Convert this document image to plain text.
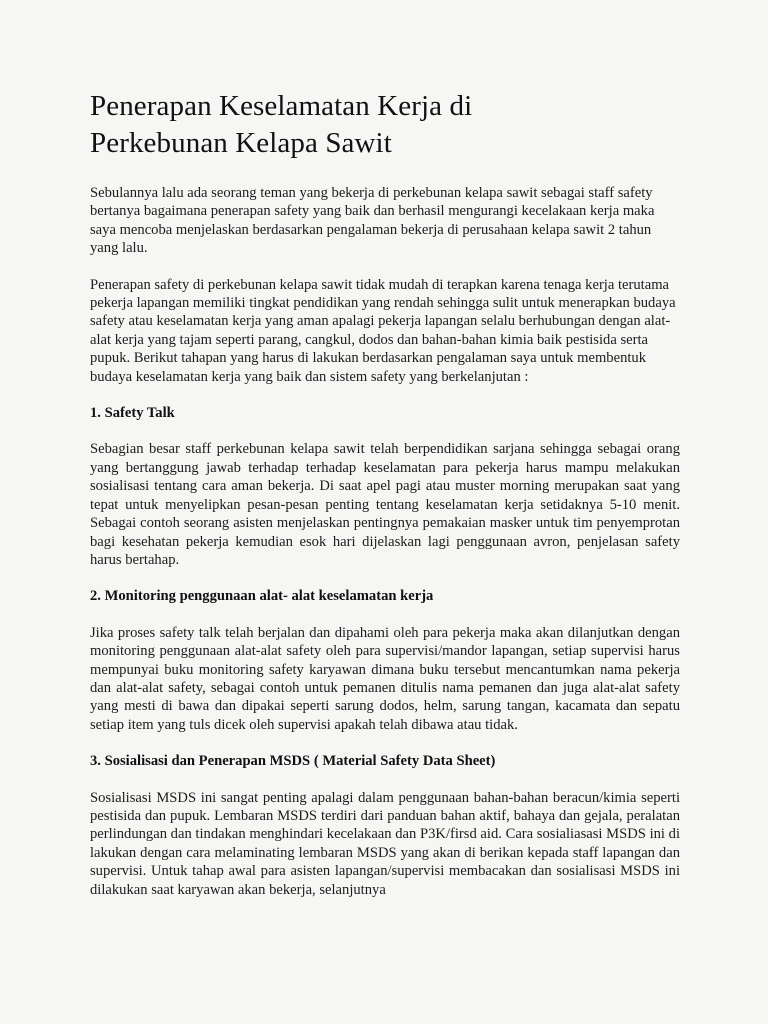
Penerapan Keselamatan Kerja di
Perkebunan Kelapa Sawit

Sebulannya lalu ada seorang teman yang bekerja di perkebunan kelapa sawit sebagai staff safety bertanya bagaimana penerapan safety yang baik dan berhasil mengurangi kecelakaan kerja maka saya mencoba menjelaskan berdasarkan pengalaman bekerja di perusahaan kelapa sawit 2 tahun yang lalu.

Penerapan safety di perkebunan kelapa sawit tidak mudah di terapkan karena tenaga kerja terutama pekerja lapangan memiliki tingkat pendidikan yang rendah sehingga sulit untuk menerapkan budaya safety atau keselamatan kerja yang aman apalagi pekerja lapangan selalu berhubungan dengan alat-alat kerja yang tajam seperti parang, cangkul, dodos dan bahan-bahan kimia baik pestisida serta pupuk. Berikut tahapan yang harus di lakukan berdasarkan pengalaman saya untuk membentuk budaya keselamatan kerja yang baik dan sistem safety yang berkelanjutan :

1. Safety Talk

Sebagian besar staff perkebunan kelapa sawit telah berpendidikan sarjana sehingga sebagai orang yang bertanggung jawab terhadap terhadap keselamatan para pekerja harus mampu melakukan sosialisasi tentang cara aman bekerja. Di saat apel pagi atau muster morning merupakan saat yang tepat untuk menyelipkan pesan-pesan penting tentang keselamatan kerja setidaknya 5-10 menit. Sebagai contoh seorang asisten menjelaskan pentingnya pemakaian masker untuk tim penyemprotan bagi kesehatan pekerja kemudian esok hari dijelaskan lagi penggunaan avron, penjelasan safety harus bertahap.

2. Monitoring penggunaan alat- alat keselamatan kerja

Jika proses safety talk telah berjalan dan dipahami oleh para pekerja maka akan dilanjutkan dengan monitoring penggunaan alat-alat safety oleh para supervisi/mandor lapangan, setiap supervisi harus mempunyai buku monitoring safety karyawan dimana buku tersebut mencantumkan nama pekerja dan alat-alat safety, sebagai contoh untuk pemanen ditulis nama pemanen dan juga alat-alat safety yang mesti di bawa dan dipakai seperti sarung dodos, helm, sarung tangan, kacamata dan sepatu setiap item yang tuls dicek oleh supervisi apakah telah dibawa atau tidak.

3. Sosialisasi dan Penerapan MSDS ( Material Safety Data Sheet)

Sosialisasi MSDS ini sangat penting apalagi dalam penggunaan bahan-bahan beracun/kimia seperti pestisida dan pupuk. Lembaran MSDS terdiri dari panduan bahan aktif, bahaya dan gejala, peralatan perlindungan dan tindakan menghindari kecelakaan dan P3K/firsd aid. Cara sosialiasasi MSDS ini di lakukan dengan cara melaminating lembaran MSDS yang akan di berikan kepada staff lapangan dan supervisi. Untuk tahap awal para asisten lapangan/supervisi membacakan dan sosialisasi MSDS ini dilakukan saat karyawan akan bekerja, selanjutnya
